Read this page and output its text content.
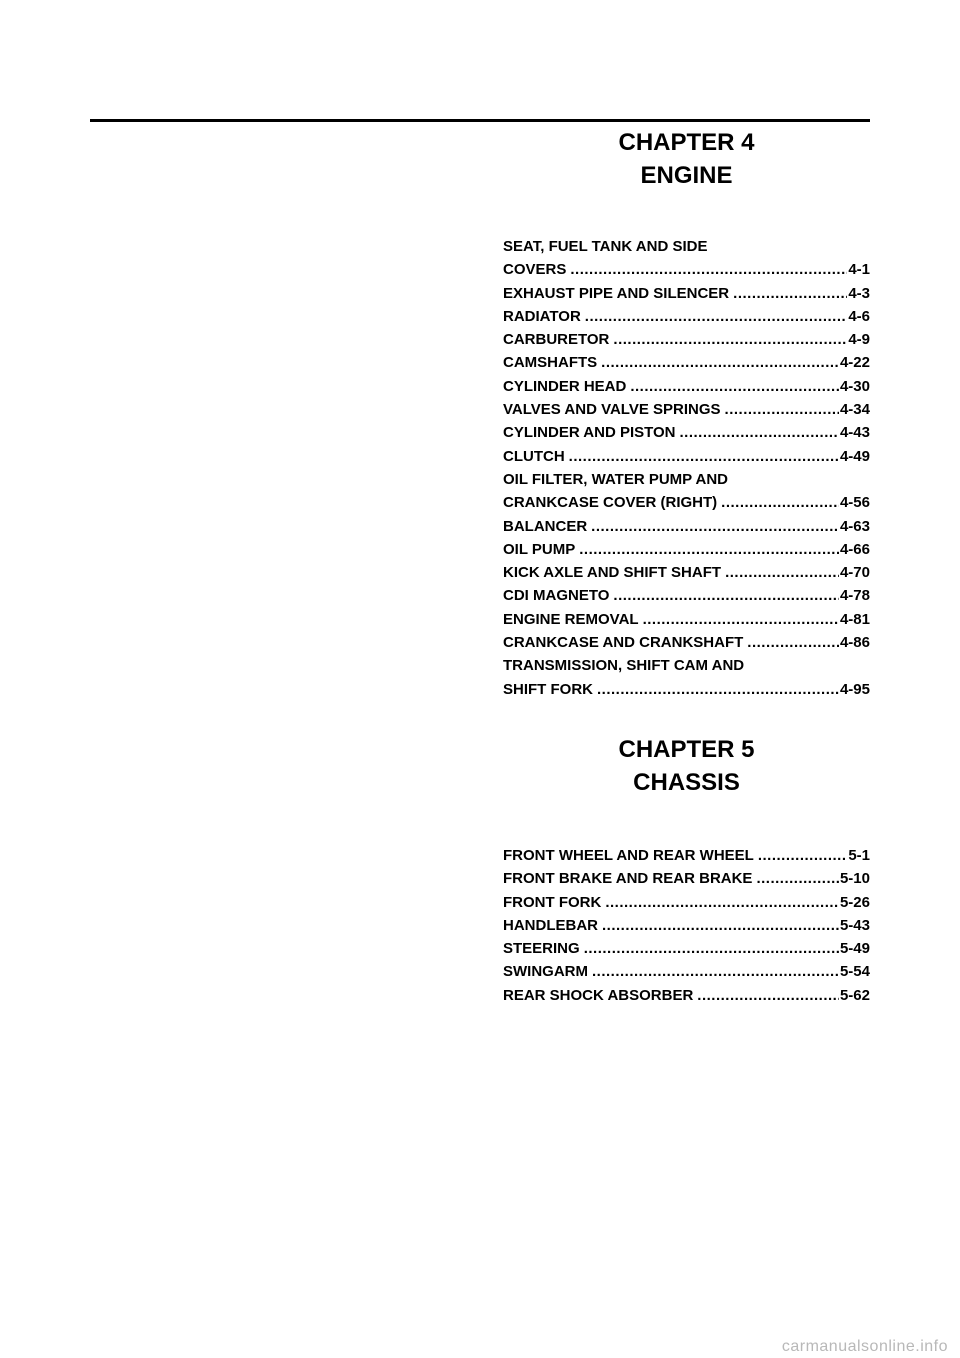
CHAPTER 4
ENGINE
SEAT, FUEL TANK AND SIDE
COVERS .....	4-1
EXHAUST PIPE AND SILENCER .....	4-3
RADIATOR .....	4-6
CARBURETOR .....	4-9
CAMSHAFTS .....	4-22
CYLINDER HEAD .....	4-30
VALVES AND VALVE SPRINGS .....	4-34
CYLINDER AND PISTON .....	4-43
CLUTCH .....	4-49
OIL FILTER, WATER PUMP AND
CRANKCASE COVER (RIGHT) .....	4-56
BALANCER .....	4-63
OIL PUMP .....	4-66
KICK AXLE AND SHIFT SHAFT .....	4-70
CDI MAGNETO .....	4-78
ENGINE REMOVAL .....	4-81
CRANKCASE AND CRANKSHAFT .....	4-86
TRANSMISSION, SHIFT CAM AND
SHIFT FORK .....	4-95
CHAPTER 5
CHASSIS
FRONT WHEEL AND REAR WHEEL .....	5-1
FRONT BRAKE AND REAR BRAKE .....	5-10
FRONT FORK .....	5-26
HANDLEBAR .....	5-43
STEERING .....	5-49
SWINGARM .....	5-54
REAR SHOCK ABSORBER .....	5-62
carmanualsonline.info
